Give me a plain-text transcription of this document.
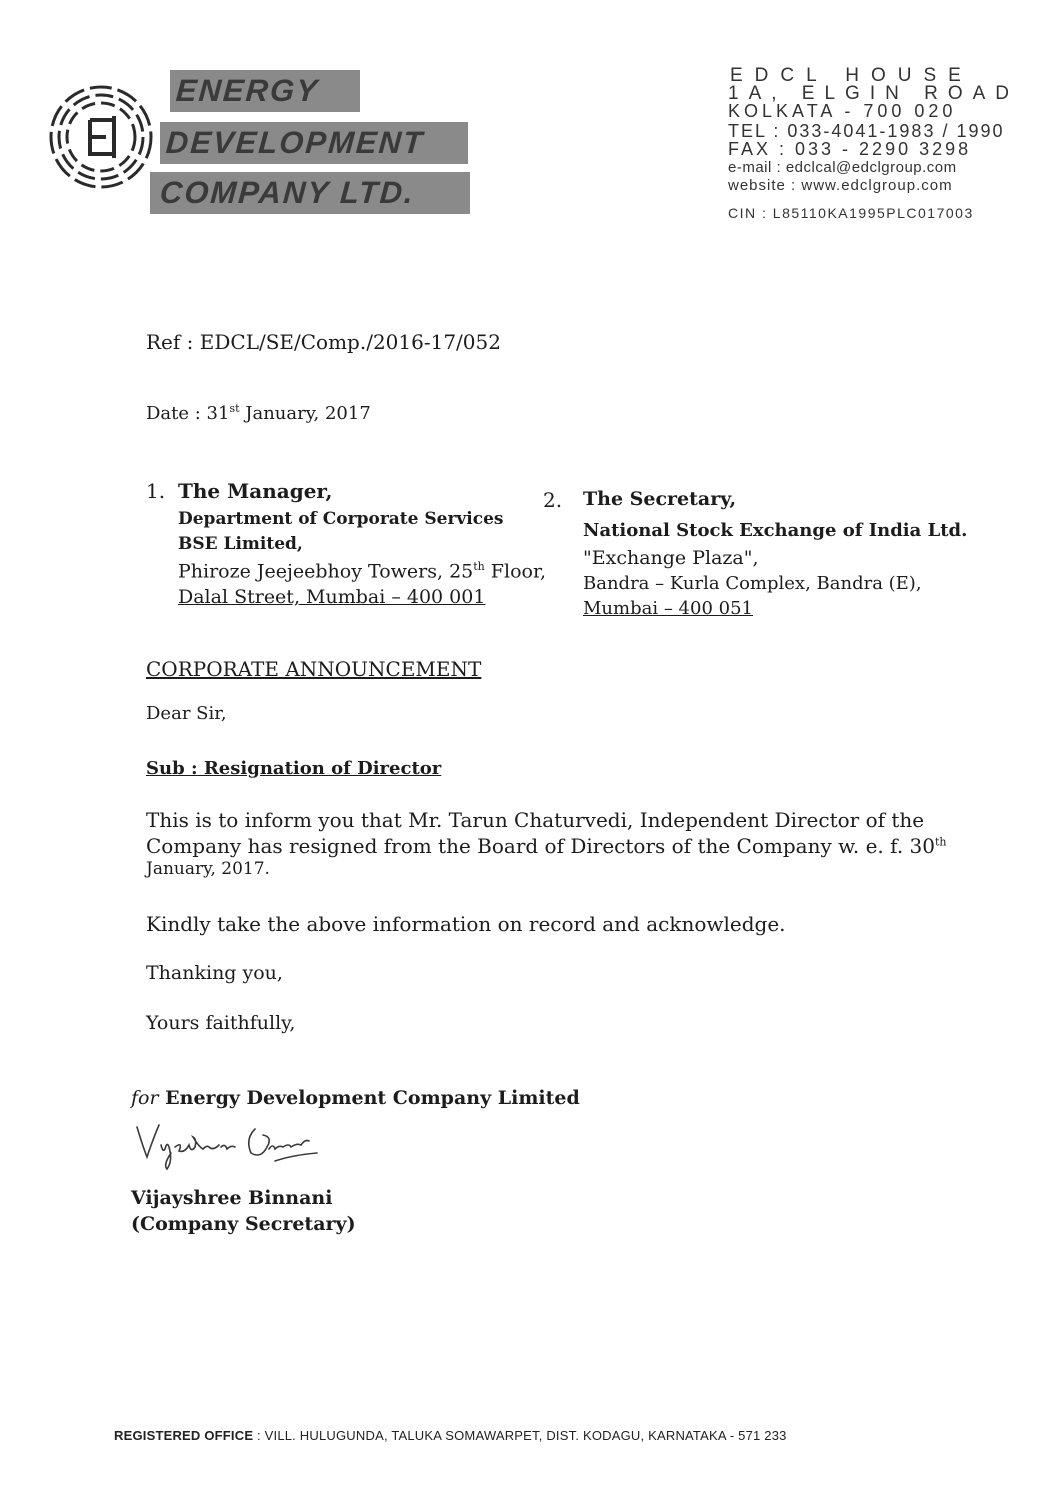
ENERGY
DEVELOPMENT
COMPANY LTD.
EDCL HOUSE
1A, ELGIN ROAD
KOLKATA - 700 020
TEL : 033-4041-1983 / 1990
FAX : 033 - 2290 3298
e-mail : edclcal@edclgroup.com
website : www.edclgroup.com
CIN : L85110KA1995PLC017003
Ref : EDCL/SE/Comp./2016-17/052
Date : 31st January, 2017
1. The Manager,
Department of Corporate Services
BSE Limited,
Phiroze Jeejeebhoy Towers, 25th Floor,
Dalal Street, Mumbai – 400 001
2. The Secretary,
National Stock Exchange of India Ltd.
"Exchange Plaza",
Bandra – Kurla Complex, Bandra (E),
Mumbai – 400 051
CORPORATE ANNOUNCEMENT
Dear Sir,
Sub : Resignation of Director
This is to inform you that Mr. Tarun Chaturvedi, Independent Director of the
Company has resigned from the Board of Directors of the Company w. e. f. 30th
January, 2017.
Kindly take the above information on record and acknowledge.
Thanking you,
Yours faithfully,
for Energy Development Company Limited
Vijayshree Binnani
(Company Secretary)
REGISTERED OFFICE : VILL. HULUGUNDA, TALUKA SOMAWARPET, DIST. KODAGU, KARNATAKA - 571 233
